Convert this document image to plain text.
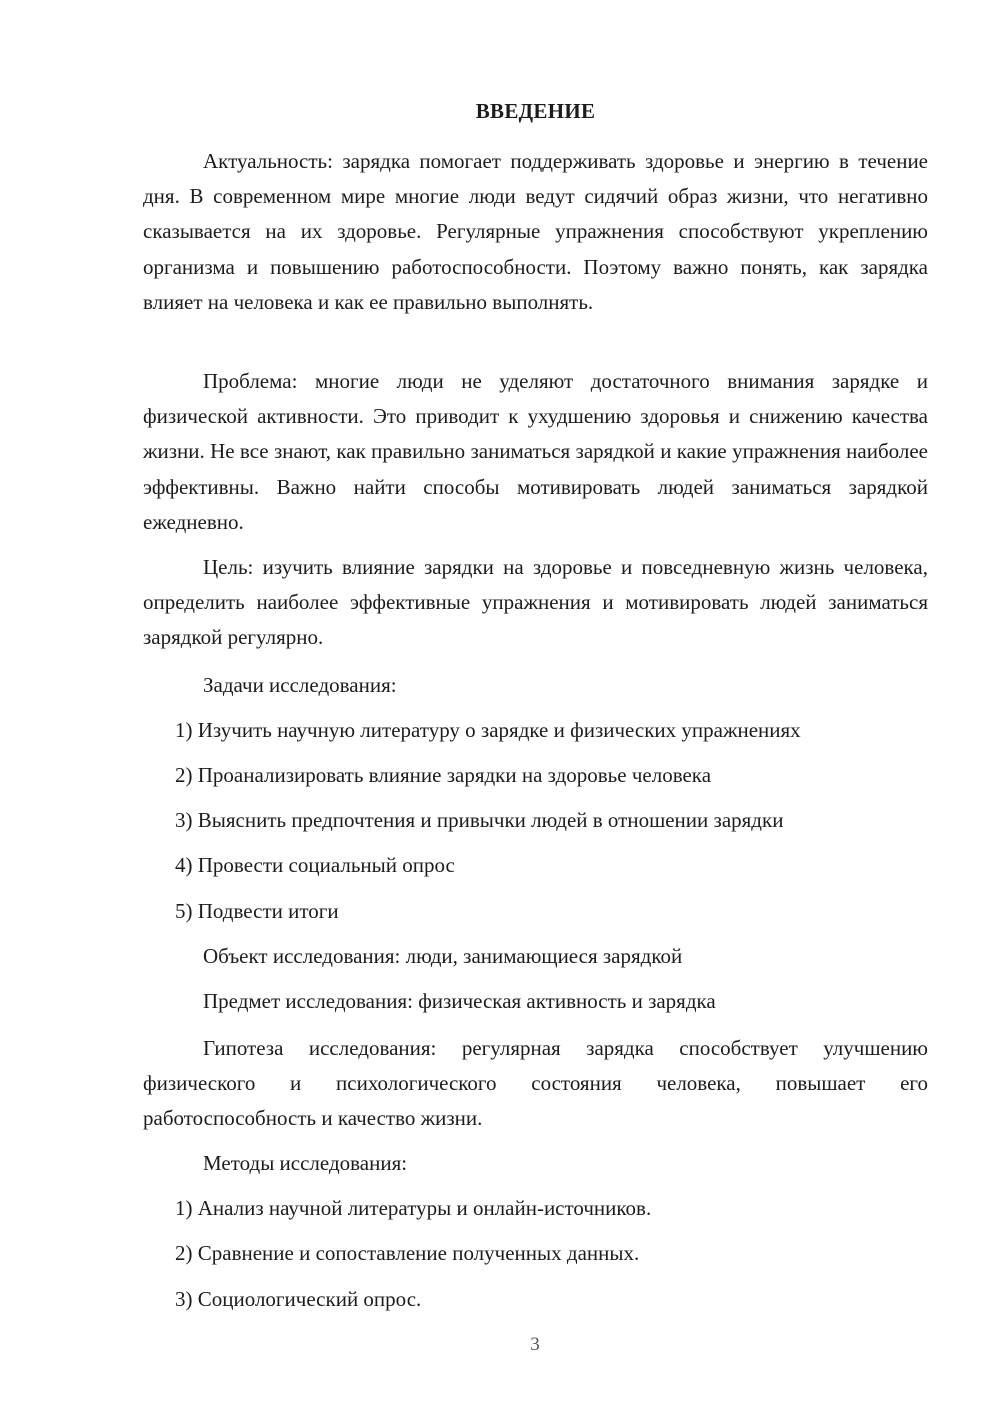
ВВЕДЕНИЕ

Актуальность: зарядка помогает поддерживать здоровье и энергию в течение дня. В современном мире многие люди ведут сидячий образ жизни, что негативно сказывается на их здоровье. Регулярные упражнения способствуют укреплению организма и повышению работоспособности. Поэтому важно понять, как зарядка влияет на человека и как ее правильно выполнять.

Проблема: многие люди не уделяют достаточного внимания зарядке и физической активности. Это приводит к ухудшению здоровья и снижению качества жизни. Не все знают, как правильно заниматься зарядкой и какие упражнения наиболее эффективны. Важно найти способы мотивировать людей заниматься зарядкой ежедневно.

Цель: изучить влияние зарядки на здоровье и повседневную жизнь человека, определить наиболее эффективные упражнения и мотивировать людей заниматься зарядкой регулярно.

Задачи исследования:

1) Изучить научную литературу о зарядке и физических упражнениях

2) Проанализировать влияние зарядки на здоровье человека

3) Выяснить предпочтения и привычки людей в отношении зарядки

4) Провести социальный опрос

5) Подвести итоги

Объект исследования: люди, занимающиеся зарядкой

Предмет исследования: физическая активность и зарядка

Гипотеза исследования: регулярная зарядка способствует улучшению физического и психологического состояния человека, повышает его работоспособность и качество жизни.

Методы исследования:

1) Анализ научной литературы и онлайн-источников.

2) Сравнение и сопоставление полученных данных.

3) Социологический опрос.

3
